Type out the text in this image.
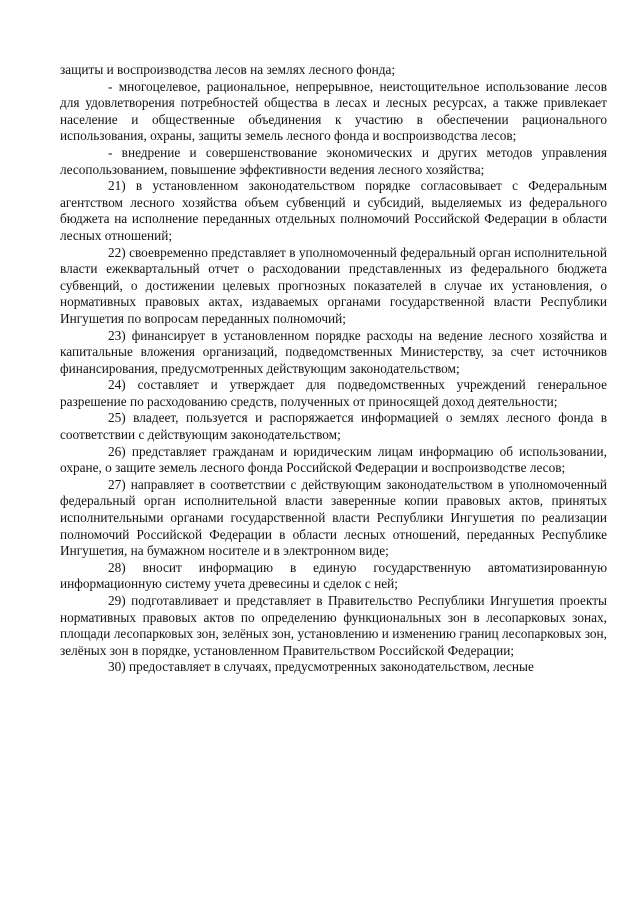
защиты и воспроизводства лесов на землях лесного фонда;

- многоцелевое, рациональное, непрерывное, неистощительное использование лесов для удовлетворения потребностей общества в лесах и лесных ресурсах, а также привлекает население и общественные объединения к участию в обеспечении рационального использования, охраны, защиты земель лесного фонда и воспроизводства лесов;

- внедрение и совершенствование экономических и других методов управления лесопользованием, повышение эффективности ведения лесного хозяйства;

21) в установленном законодательством порядке согласовывает с Федеральным агентством лесного хозяйства объем субвенций и субсидий, выделяемых из федерального бюджета на исполнение переданных отдельных полномочий Российской Федерации в области лесных отношений;

22) своевременно представляет в уполномоченный федеральный орган исполнительной власти ежеквартальный отчет о расходовании представленных из федерального бюджета субвенций, о достижении целевых прогнозных показателей в случае их установления, о нормативных правовых актах, издаваемых органами государственной власти Республики Ингушетия по вопросам переданных полномочий;

23) финансирует в установленном порядке расходы на ведение лесного хозяйства и капитальные вложения организаций, подведомственных Министерству, за счет источников финансирования, предусмотренных действующим законодательством;

24) составляет и утверждает для подведомственных учреждений генеральное разрешение по расходованию средств, полученных от приносящей доход деятельности;

25) владеет, пользуется и распоряжается информацией о землях лесного фонда в соответствии с действующим законодательством;

26) представляет гражданам и юридическим лицам информацию об использовании, охране, о защите земель лесного фонда Российской Федерации и воспроизводстве лесов;

27) направляет в соответствии с действующим законодательством в уполномоченный федеральный орган исполнительной власти заверенные копии правовых актов, принятых исполнительными органами государственной власти Республики Ингушетия по реализации полномочий Российской Федерации в области лесных отношений, переданных Республике Ингушетия, на бумажном носителе и в электронном виде;

28) вносит информацию в единую государственную автоматизированную информационную систему учета древесины и сделок с ней;

29) подготавливает и представляет в Правительство Республики Ингушетия проекты нормативных правовых актов по определению функциональных зон в лесопарковых зонах, площади лесопарковых зон, зелёных зон, установлению и изменению границ лесопарковых зон, зелёных зон в порядке, установленном Правительством Российской Федерации;

30) предоставляет в случаях, предусмотренных законодательством, лесные
